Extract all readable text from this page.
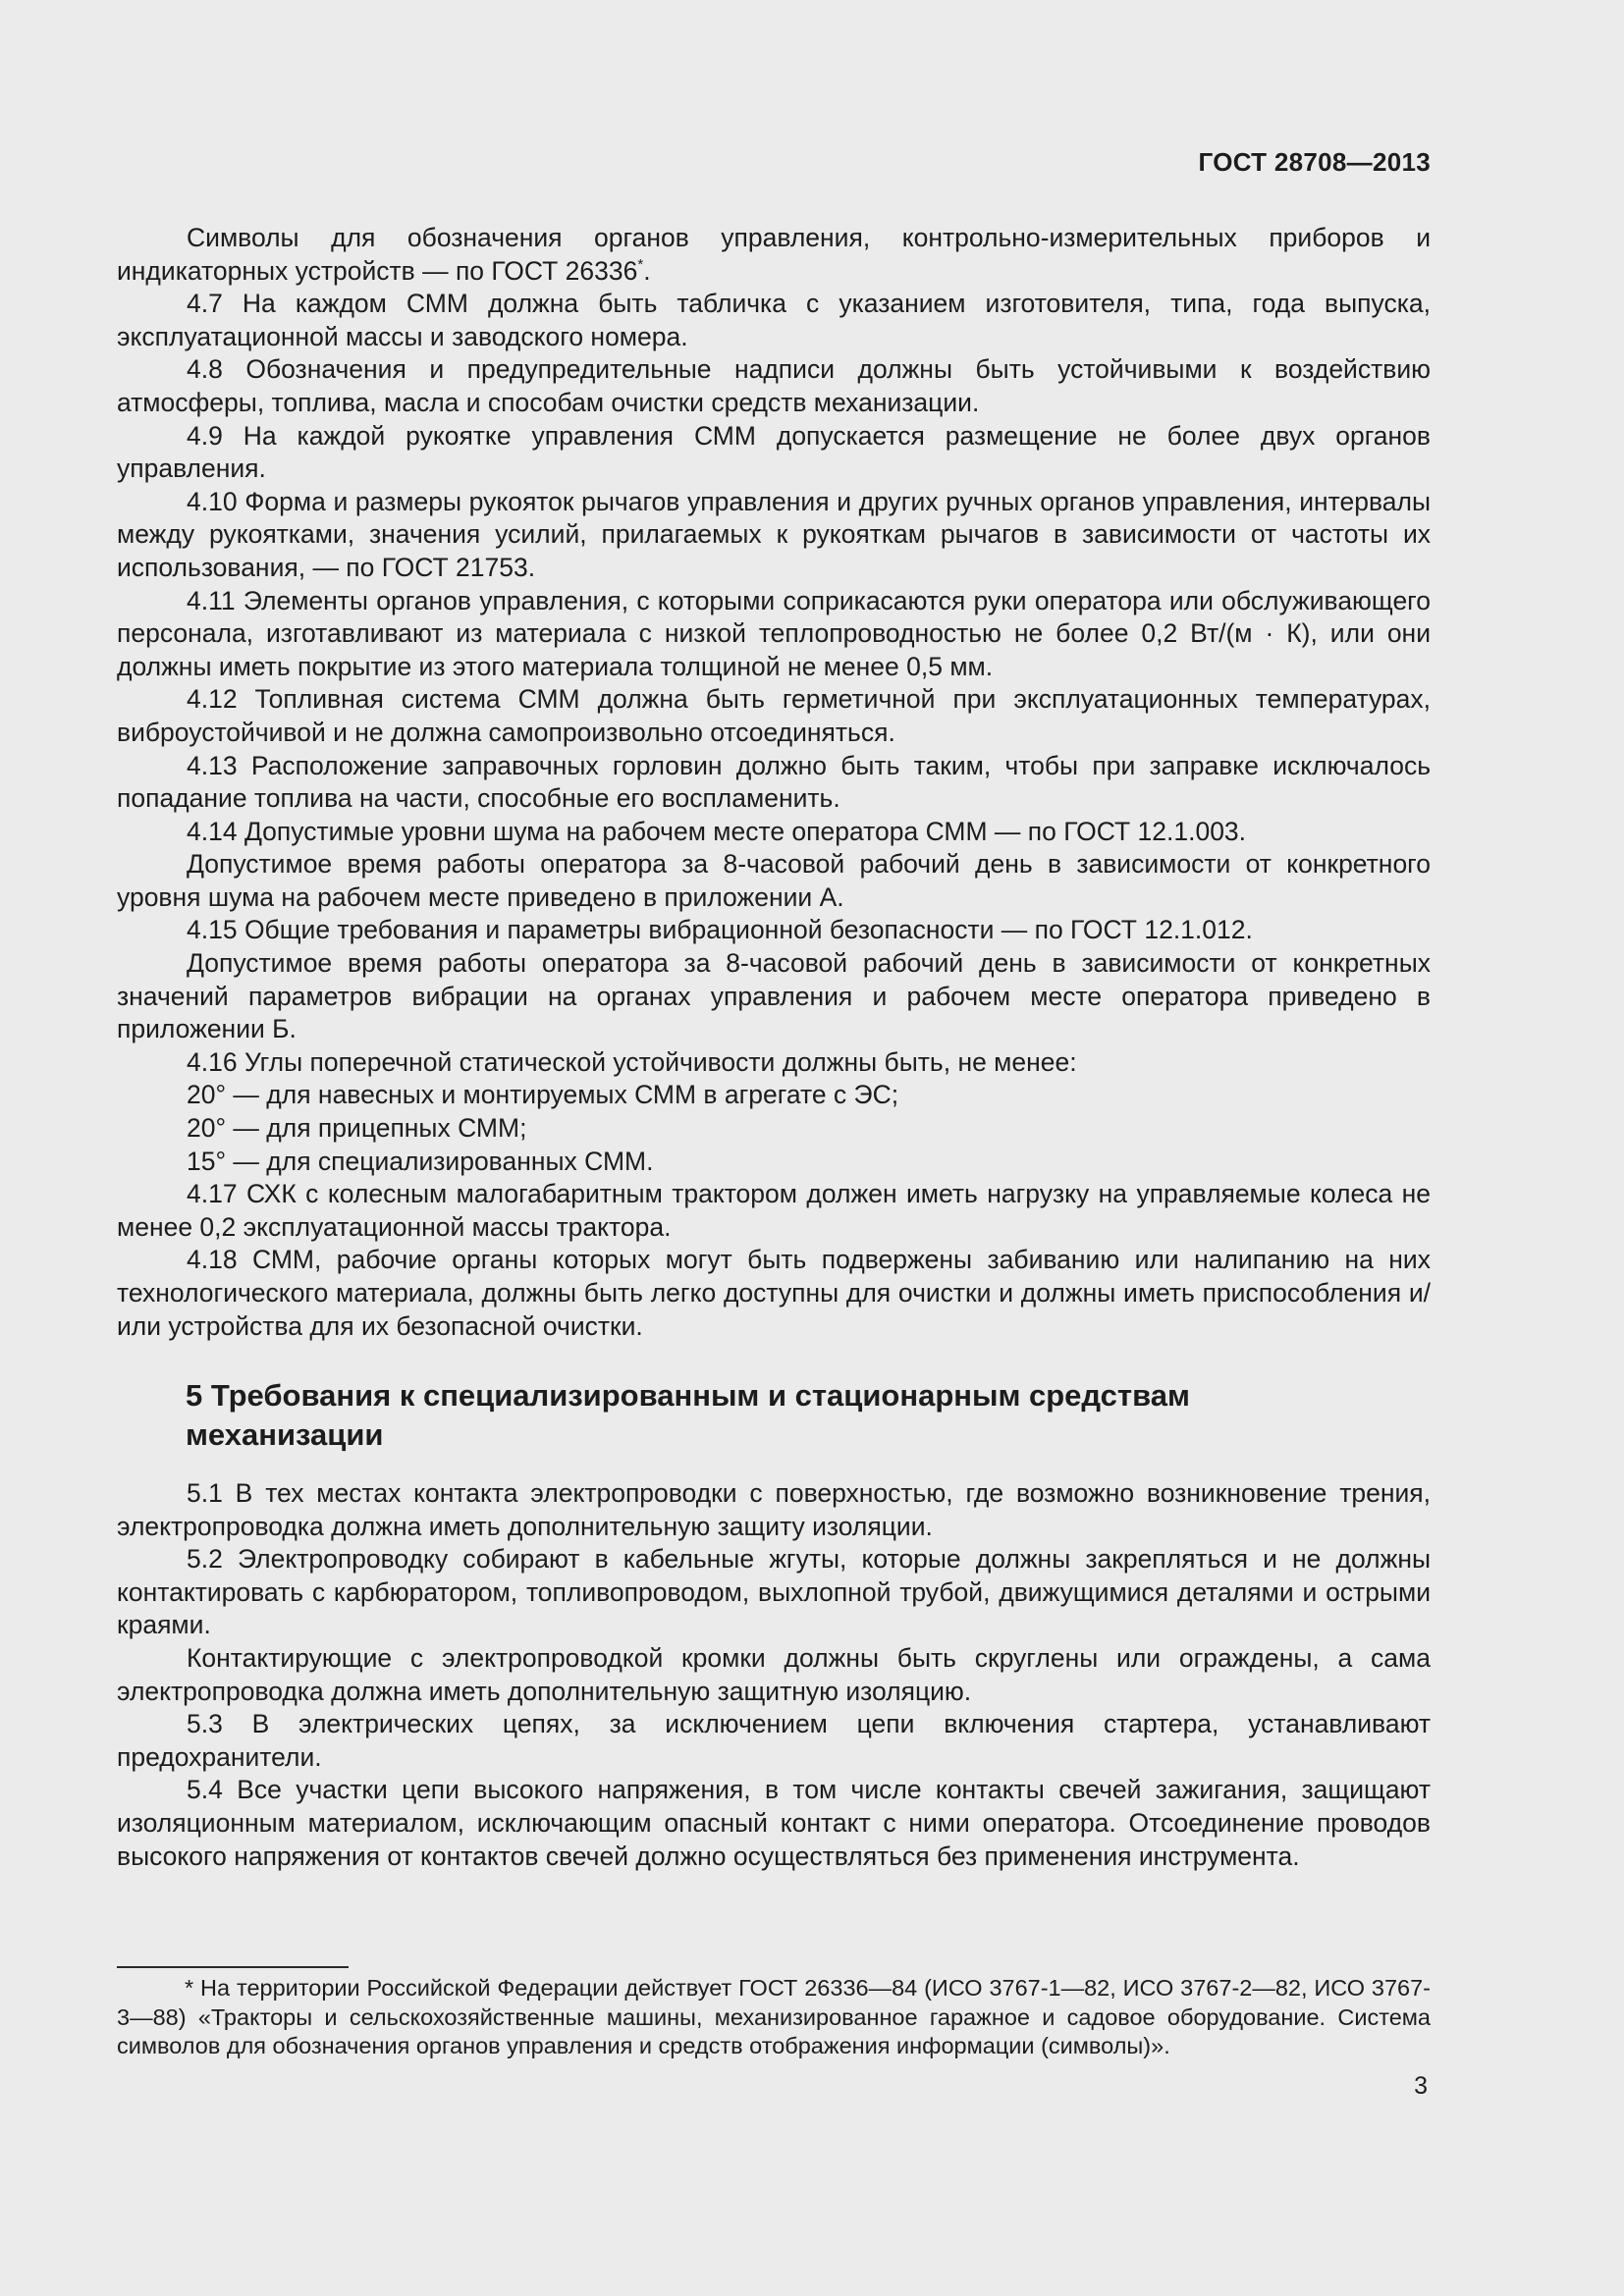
ГОСТ 28708—2013

Символы для обозначения органов управления, контрольно-измерительных приборов и индикаторных устройств — по ГОСТ 26336*.

4.7 На каждом СММ должна быть табличка с указанием изготовителя, типа, года выпуска, эксплуатационной массы и заводского номера.

4.8 Обозначения и предупредительные надписи должны быть устойчивыми к воздействию атмосферы, топлива, масла и способам очистки средств механизации.

4.9 На каждой рукоятке управления СММ допускается размещение не более двух органов управления.

4.10 Форма и размеры рукояток рычагов управления и других ручных органов управления, интервалы между рукоятками, значения усилий, прилагаемых к рукояткам рычагов в зависимости от частоты их использования, — по ГОСТ 21753.

4.11 Элементы органов управления, с которыми соприкасаются руки оператора или обслуживающего персонала, изготавливают из материала с низкой теплопроводностью не более 0,2 Вт/(м · К), или они должны иметь покрытие из этого материала толщиной не менее 0,5 мм.

4.12 Топливная система СММ должна быть герметичной при эксплуатационных температурах, виброустойчивой и не должна самопроизвольно отсоединяться.

4.13 Расположение заправочных горловин должно быть таким, чтобы при заправке исключалось попадание топлива на части, способные его воспламенить.

4.14 Допустимые уровни шума на рабочем месте оператора СММ — по ГОСТ 12.1.003.

Допустимое время работы оператора за 8-часовой рабочий день в зависимости от конкретного уровня шума на рабочем месте приведено в приложении А.

4.15 Общие требования и параметры вибрационной безопасности — по ГОСТ 12.1.012.

Допустимое время работы оператора за 8-часовой рабочий день в зависимости от конкретных значений параметров вибрации на органах управления и рабочем месте оператора приведено в приложении Б.

4.16 Углы поперечной статической устойчивости должны быть, не менее:

20° — для навесных и монтируемых СММ в агрегате с ЭС;

20° — для прицепных СММ;

15° — для специализированных СММ.

4.17 СХК с колесным малогабаритным трактором должен иметь нагрузку на управляемые колеса не менее 0,2 эксплуатационной массы трактора.

4.18 СММ, рабочие органы которых могут быть подвержены забиванию или налипанию на них технологического материала, должны быть легко доступны для очистки и должны иметь приспособления и/или устройства для их безопасной очистки.

5 Требования к специализированным и стационарным средствам
механизации

5.1 В тех местах контакта электропроводки с поверхностью, где возможно возникновение трения, электропроводка должна иметь дополнительную защиту изоляции.

5.2 Электропроводку собирают в кабельные жгуты, которые должны закрепляться и не должны контактировать с карбюратором, топливопроводом, выхлопной трубой, движущимися деталями и острыми краями.

Контактирующие с электропроводкой кромки должны быть скруглены или ограждены, а сама электропроводка должна иметь дополнительную защитную изоляцию.

5.3 В электрических цепях, за исключением цепи включения стартера, устанавливают предохранители.

5.4 Все участки цепи высокого напряжения, в том числе контакты свечей зажигания, защищают изоляционным материалом, исключающим опасный контакт с ними оператора. Отсоединение проводов высокого напряжения от контактов свечей должно осуществляться без применения инструмента.

* На территории Российской Федерации действует ГОСТ 26336—84 (ИСО 3767-1—82, ИСО 3767-2—82, ИСО 3767-3—88) «Тракторы и сельскохозяйственные машины, механизированное гаражное и садовое оборудование. Система символов для обозначения органов управления и средств отображения информации (символы)».

3
